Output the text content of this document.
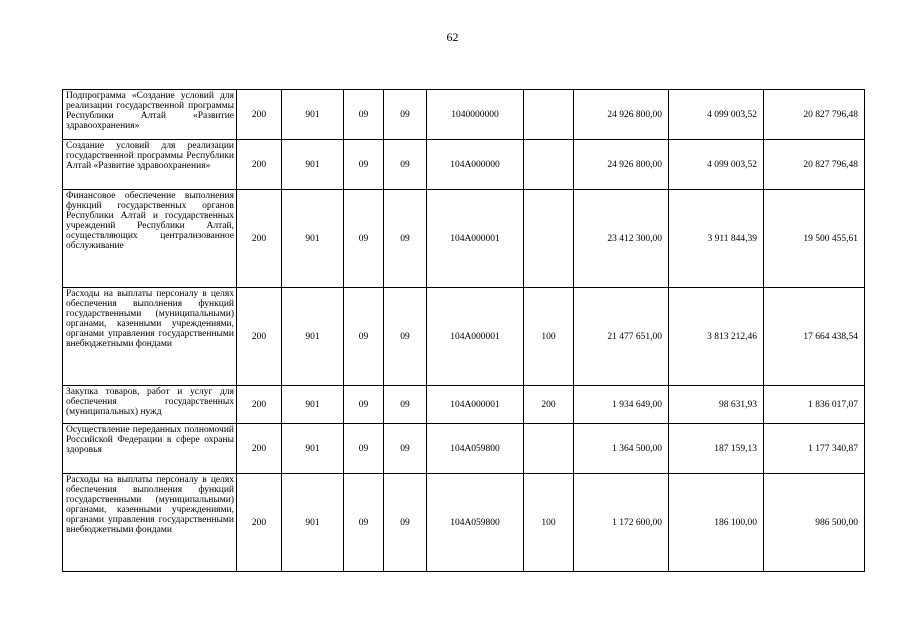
62
Подпрограмма «Создание условий для реализации государственной программы Республики Алтай «Развитие здравоохранения»	200	901	09	09	1040000000		24 926 800,00	4 099 003,52	20 827 796,48
Создание условий для реализации государственной программы Республики Алтай «Развитие здравоохранения»	200	901	09	09	104А000000		24 926 800,00	4 099 003,52	20 827 796,48
Финансовое обеспечение выполнения функций государственных органов Республики Алтай и государственных учреждений Республики Алтай, осуществляющих централизованное обслуживание	200	901	09	09	104А000001		23 412 300,00	3 911 844,39	19 500 455,61
Расходы на выплаты персоналу в целях обеспечения выполнения функций государственными (муниципальными) органами, казенными учреждениями, органами управления государственными внебюджетными фондами	200	901	09	09	104А000001	100	21 477 651,00	3 813 212,46	17 664 438,54
Закупка товаров, работ и услуг для обеспечения государственных (муниципальных) нужд	200	901	09	09	104А000001	200	1 934 649,00	98 631,93	1 836 017,07
Осуществление переданных полномочий Российской Федерации в сфере охраны здоровья	200	901	09	09	104А059800		1 364 500,00	187 159,13	1 177 340,87
Расходы на выплаты персоналу в целях обеспечения выполнения функций государственными (муниципальными) органами, казенными учреждениями, органами управления государственными внебюджетными фондами	200	901	09	09	104А059800	100	1 172 600,00	186 100,00	986 500,00
